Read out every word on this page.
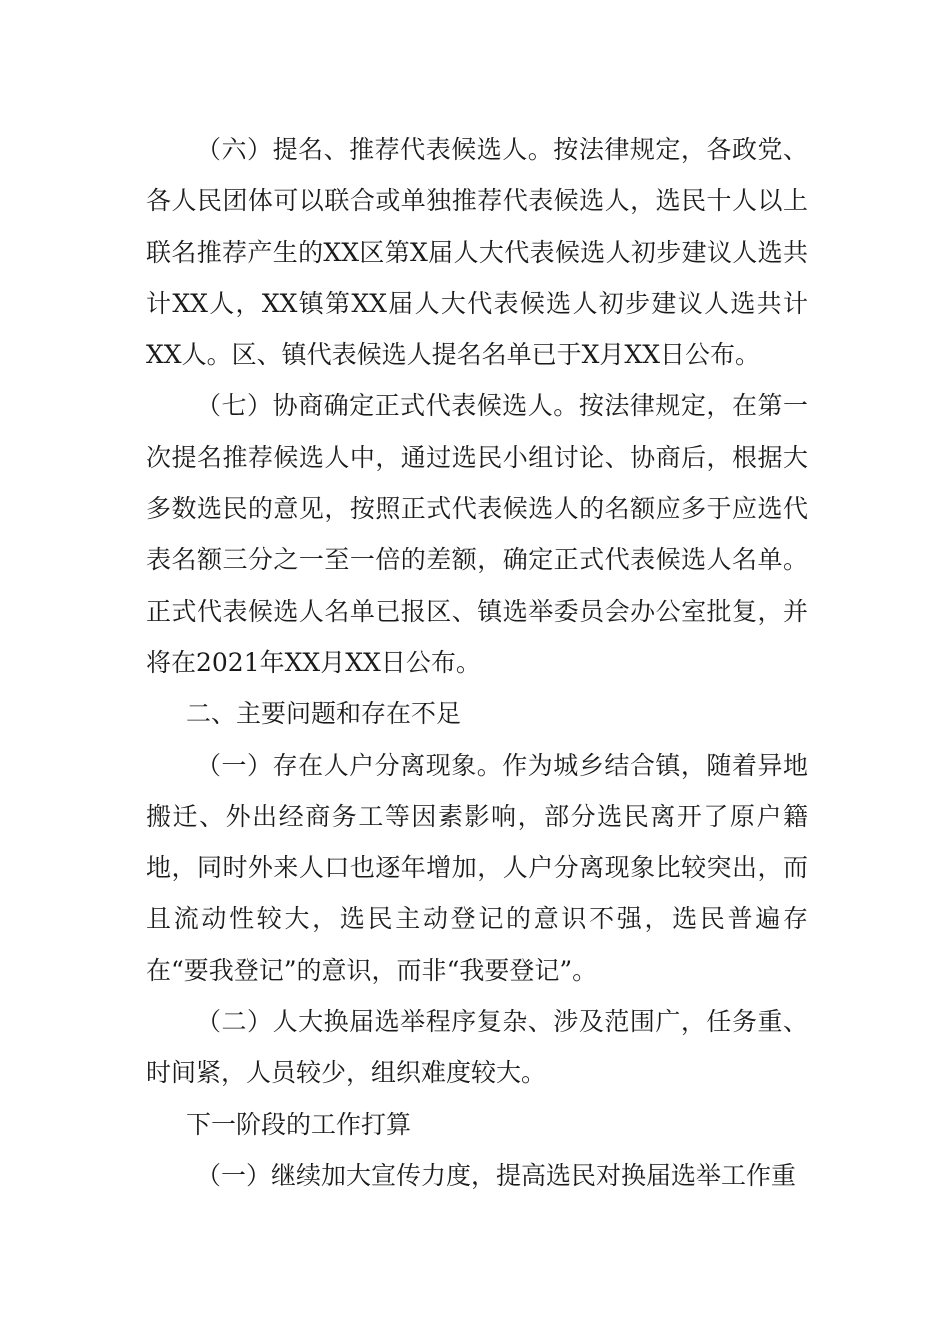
（六）提名、推荐代表候选人。按法律规定，各政党、各人民团体可以联合或单独推荐代表候选人，选民十人以上联名推荐产生的XX区第X届人大代表候选人初步建议人选共计XX人，XX镇第XX届人大代表候选人初步建议人选共计XX人。区、镇代表候选人提名名单已于X月XX日公布。

（七）协商确定正式代表候选人。按法律规定，在第一次提名推荐候选人中，通过选民小组讨论、协商后，根据大多数选民的意见，按照正式代表候选人的名额应多于应选代表名额三分之一至一倍的差额，确定正式代表候选人名单。正式代表候选人名单已报区、镇选举委员会办公室批复，并将在2021年XX月XX日公布。

二、主要问题和存在不足

（一）存在人户分离现象。作为城乡结合镇，随着异地搬迁、外出经商务工等因素影响，部分选民离开了原户籍地，同时外来人口也逐年增加，人户分离现象比较突出，而且流动性较大，选民主动登记的意识不强，选民普遍存在“要我登记”的意识，而非“我要登记”。

（二）人大换届选举程序复杂、涉及范围广，任务重、时间紧，人员较少，组织难度较大。

下一阶段的工作打算

（一）继续加大宣传力度，提高选民对换届选举工作重
